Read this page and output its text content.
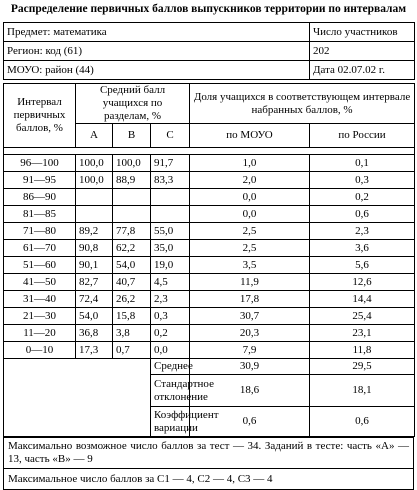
Распределение первичных баллов выпускников территории по интервалам
Предмет: математика	Число участников
Регион: код (61)	202
МОУО: район (44)	Дата 02.07.02 г.
Интервал первичных баллов, %	Средний балл учащихся по разделам, %			Доля учащихся в соответствующем интервале набранных баллов, %	
	A	B	C	по МОУО	по России

96—100	100,0	100,0	91,7	1,0	0,1
91—95	100,0	88,9	83,3	2,0	0,3
86—90				0,0	0,2
81—85				0,0	0,6
71—80	89,2	77,8	55,0	2,5	2,3
61—70	90,8	62,2	35,0	2,5	3,6
51—60	90,1	54,0	19,0	3,5	5,6
41—50	82,7	40,7	4,5	11,9	12,6
31—40	72,4	26,2	2,3	17,8	14,4
21—30	54,0	15,8	0,3	30,7	25,4
11—20	36,8	3,8	0,2	20,3	23,1
0—10	17,3	0,7	0,0	7,9	11,8
			Среднее	30,9	29,5
			Стандартное отклонение	18,6	18,1
			Коэффициент вариации	0,6	0,6
Максимально возможное число баллов за тест — 34. Заданий в тесте: часть «А» — 13, часть «В» — 9
Максимальное число баллов за С1 — 4, С2 — 4, С3 — 4
